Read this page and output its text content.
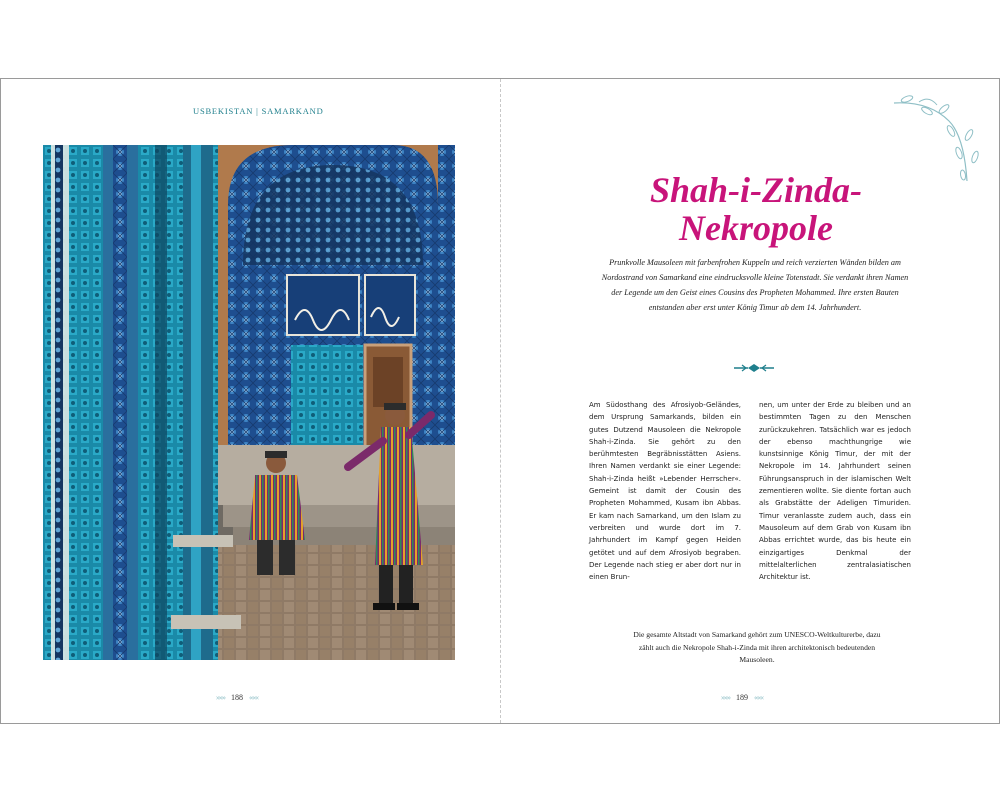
USBEKISTAN | SAMARKAND
»»» 188 «««
Shah-i-Zinda-
Nekropole
Prunkvolle Mausoleen mit farbenfrohen Kuppeln und reich verzierten Wänden bilden am Nordostrand von Samarkand eine eindrucksvolle kleine Totenstadt. Sie verdankt ihren Namen der Legende um den Geist eines Cousins des Propheten Mohammed. Ihre ersten Bauten entstanden aber erst unter König Timur ab dem 14. Jahrhundert.
Am Südosthang des Afrosiyob-Geländes, dem Ursprung Samarkands, bilden ein gutes Dutzend Mausoleen die Nekropole Shah-i-Zinda. Sie gehört zu den berühmtesten Begräbnisstätten Asiens. Ihren Namen verdankt sie einer Legende: Shah-i-Zinda heißt »Lebender Herrscher«. Gemeint ist damit der Cousin des Propheten Mohammed, Kusam ibn Abbas. Er kam nach Samarkand, um den Islam zu verbreiten und wurde dort im 7. Jahrhundert im Kampf gegen Heiden getötet und auf dem Afrosiyob begraben. Der Legende nach stieg er aber dort nur in einen Brun-
nen, um unter der Erde zu bleiben und an bestimmten Tagen zu den Menschen zurückzukehren. Tatsächlich war es jedoch der ebenso machthungrige wie kunstsinnige König Timur, der mit der Nekropole im 14. Jahrhundert seinen Führungsanspruch in der islamischen Welt zementieren wollte. Sie diente fortan auch als Grabstätte der Adeligen Timuriden. Timur veranlasste zudem auch, dass ein Mausoleum auf dem Grab von Kusam ibn Abbas errichtet wurde, das bis heute ein einzigartiges Denkmal der mittelalterlichen zentralasiatischen Architektur ist.
Die gesamte Altstadt von Samarkand gehört zum UNESCO-Weltkulturerbe, dazu zählt auch die Nekropole Shah-i-Zinda mit ihren architektonisch bedeutenden Mausoleen.
»»» 189 «««
